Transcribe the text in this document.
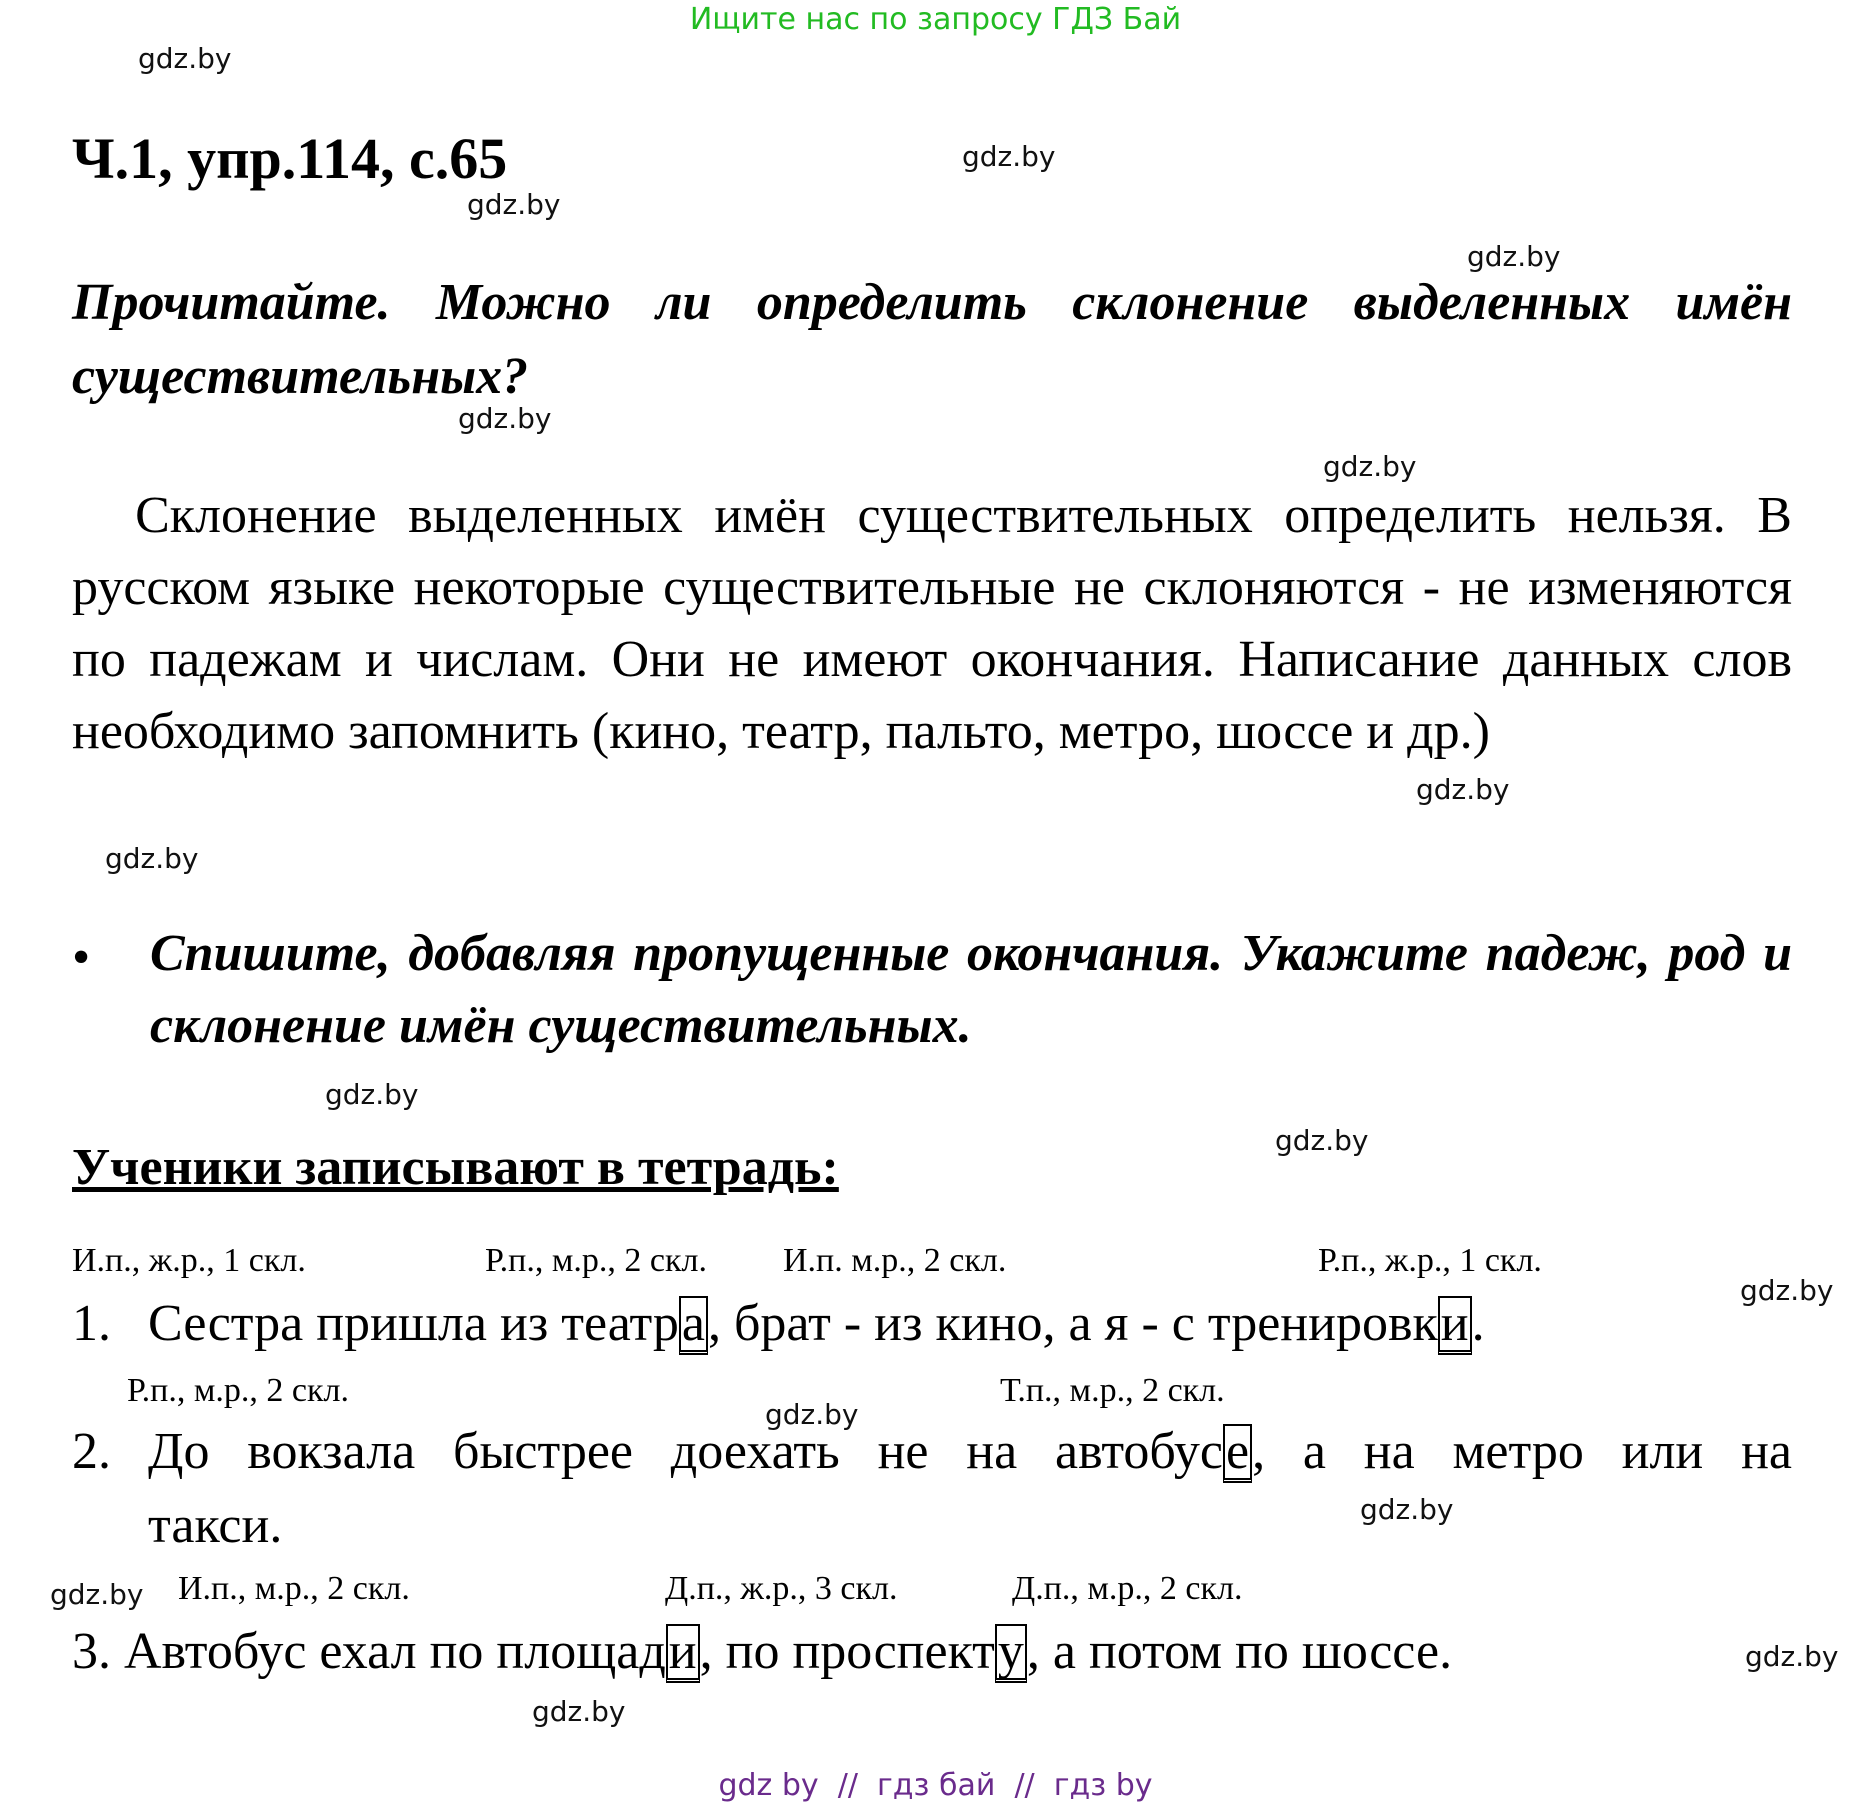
Ищите нас по запросу ГДЗ Бай
gdz.by
gdz.by
gdz.by
gdz.by
gdz.by
gdz.by
gdz.by
gdz.by
gdz.by
gdz.by
gdz.by
gdz.by
gdz.by
gdz.by
gdz.by
gdz.by
Ч.1, упр.114, с.65
Прочитайте. Можно ли определить склонение выделенных имён существительных?
Склонение выделенных имён существительных определить нельзя. В русском языке некоторые существительные не склоняются - не изменяются по падежам и числам. Они не имеют окончания. Написание данных слов необходимо запомнить (кино, театр, пальто, метро, шоссе и др.)
• Спишите, добавляя пропущенные окончания. Укажите падеж, род и склонение имён существительных.
Ученики записывают в тетрадь:
И.п., ж.р., 1 скл.	Р.п., м.р., 2 скл. И.п. м.р., 2 скл.	Р.п., ж.р., 1 скл.
1. Сестра пришла из театра, брат - из кино, а я - с тренировки.
Р.п., м.р., 2 скл.	Т.п., м.р., 2 скл.
2. До вокзала быстрее доехать не на автобусе, а на метро или на
такси.
И.п., м.р., 2 скл.	Д.п., ж.р., 3 скл.	Д.п., м.р., 2 скл.
3. Автобус ехал по площади, по проспекту, а потом по шоссе.
gdz by  //  гдз бай  //  гдз by
